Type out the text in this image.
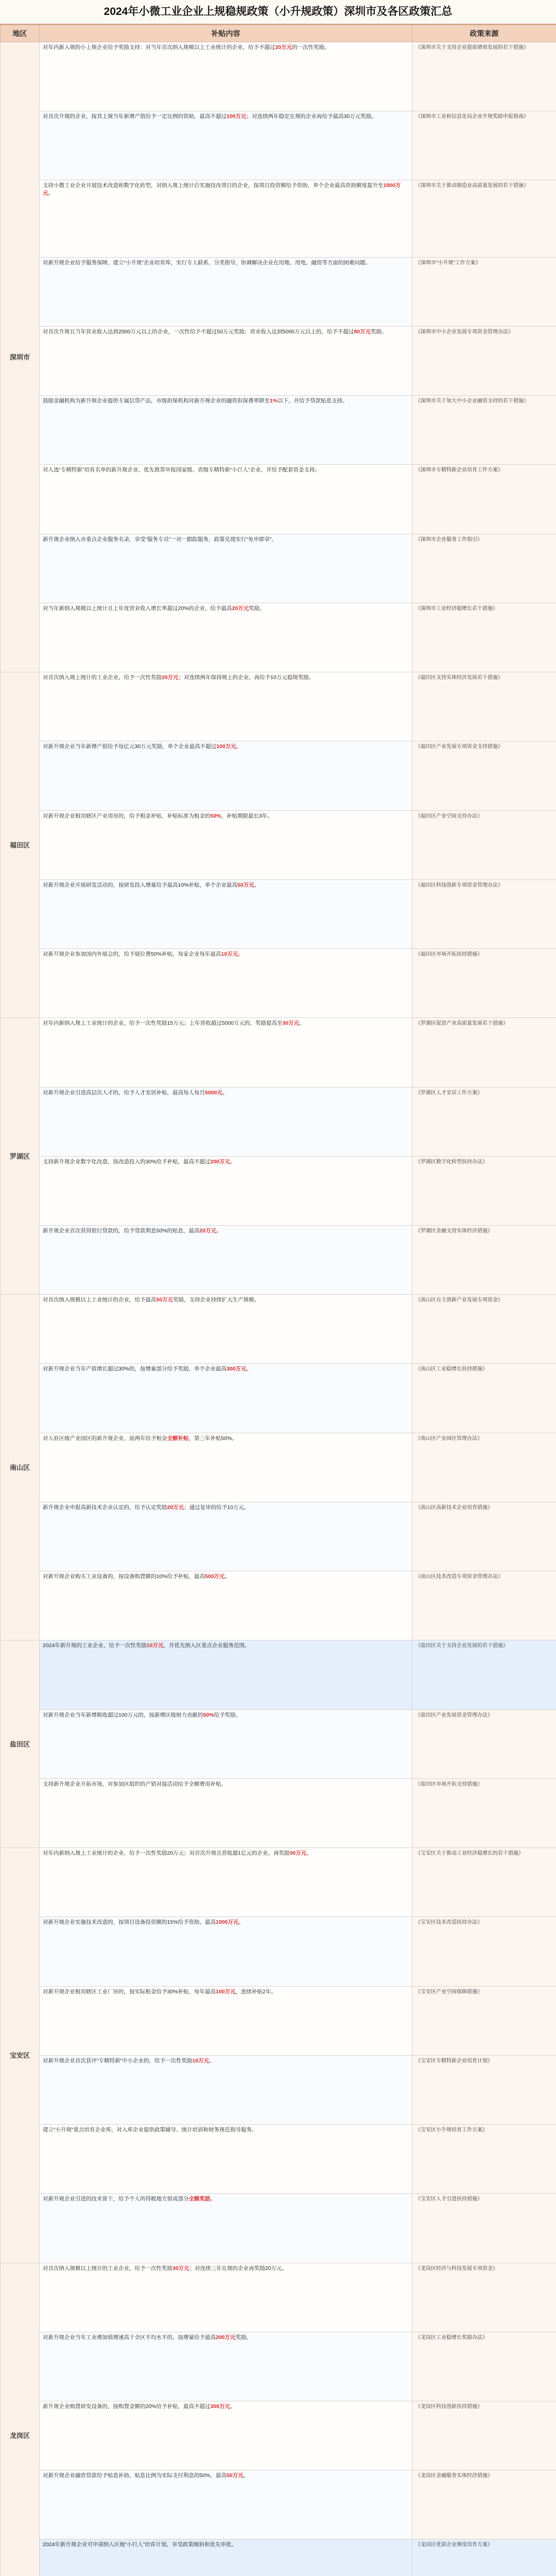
2024年小微工业企业上规稳规政策（小升规政策）深圳市及各区政策汇总
地区	补贴内容	政策来源
深圳市	对年内新入规的小上规企业给予奖励支持：对当年首次纳入规模以上工业统计的企业，给予不超过20万元的一次性奖励。	《深圳市关于支持企业提质增效发展的若干措施》
	对首次升规的企业，按其上规当年新增产值给予一定比例的资助，最高不超过100万元；对连续两年稳定在规的企业再给予最高30万元奖励。	《深圳市工业和信息化局企业升规奖励申报指南》
	支持小微工业企业开展技术改造和数字化转型，对纳入规上统计后实施技改项目的企业，按项目投资额给予资助，单个企业最高资助额度提升至1000万元。	《深圳市关于推动制造业高质量发展的若干措施》
	对新升规企业给予服务保障，建立“小升规”企业培育库，实行专人联系、分类指导，协调解决企业在用地、用电、融资等方面的困难问题。	《深圳市“小升规”工作方案》
	对首次升规且当年营业收入达到2000万元以上的企业，一次性给予不超过50万元奖励；营业收入达到5000万元以上的，给予不超过80万元奖励。	《深圳市中小企业发展专项资金管理办法》
	鼓励金融机构为新升规企业提供专属信贷产品，市级担保机构对新升规企业的融资担保费率降至1%以下，并给予贷款贴息支持。	《深圳市关于加大中小企业融资支持的若干措施》
	对入选“专精特新”培育名单的新升规企业，优先推荐申报国家级、省级专精特新“小巨人”企业，并给予配套资金支持。	《深圳市专精特新企业培育工作方案》
	新升规企业纳入市重点企业服务名录，享受“服务专员”一对一跟踪服务，政策兑现实行“免申即享”。	《深圳市企业服务工作指引》
	对当年新纳入规模以上统计且上年度营业收入增长率超过20%的企业，给予最高20万元奖励。	《深圳市工业经济稳增长若干措施》
福田区	对首次纳入规上统计的工业企业，给予一次性奖励20万元；对连续两年保持规上的企业，再给予10万元稳规奖励。	《福田区支持实体经济发展若干措施》
	对新升规企业当年新增产值给予每亿元30万元奖励，单个企业最高不超过100万元。	《福田区产业发展专项资金支持措施》
	对新升规企业租用辖区产业用房的，给予租金补贴，补贴标准为租金的50%，补贴期限最长3年。	《福田区产业空间支持办法》
	对新升规企业开展研发活动的，按研发投入增量给予最高10%补贴，单个企业最高50万元。	《福田区科技创新专项资金管理办法》
	对新升规企业参加国内外展会的，给予展位费50%补贴，每家企业每年最高10万元。	《福田区市场开拓扶持措施》
罗湖区	对年内新纳入规上工业统计的企业，给予一次性奖励15万元；上年营收超过5000万元的，奖励提高至30万元。	《罗湖区促进产业高质量发展若干措施》
	对新升规企业引进高层次人才的，给予人才安居补贴，最高每人每月5000元。	《罗湖区人才安居工作方案》
	支持新升规企业数字化改造，按改造投入的30%给予补贴，最高不超过200万元。	《罗湖区数字化转型扶持办法》
	新升规企业首次获得银行贷款的，给予贷款利息50%的贴息，最高20万元。	《罗湖区金融支持实体经济措施》
南山区	对首次纳入规模以上工业统计的企业，给予最高50万元奖励，支持企业持续扩大生产规模。	《南山区自主创新产业发展专项资金》
	对新升规企业当年产值增长超过30%的，按增量部分给予奖励，单个企业最高300万元。	《南山区工业稳增长扶持措施》
	对入驻区级产业园区的新升规企业，前两年给予租金全额补贴，第三年补贴50%。	《南山区产业园区管理办法》
	新升规企业申报高新技术企业认定的，给予认定奖励20万元；通过复审的给予10万元。	《南山区高新技术企业培育措施》
	对新升规企业购买工业设备的，按设备购置额的10%给予补贴，最高500万元。	《南山区技术改造专项资金管理办法》
盐田区	2024年新升规的工业企业，给予一次性奖励10万元，并优先纳入区重点企业服务范围。	《盐田区关于支持企业发展的若干措施》
	对新升规企业当年新增税收超过100万元的，按新增区级财力贡献的50%给予奖励。	《盐田区产业发展资金管理办法》
	支持新升规企业开拓市场，对参加区组织的产销对接活动给予全额费用补贴。	《盐田区市场开拓支持措施》
宝安区	对年内新纳入规上工业统计的企业，给予一次性奖励20万元；对首次升规且营收超1亿元的企业，再奖励30万元。	《宝安区关于推动工业经济稳增长的若干措施》
	对新升规企业实施技术改造的，按项目设备投资额的15%给予资助，最高1000万元。	《宝安区技术改造扶持办法》
	对新升规企业租用辖区工业厂房的，按实际租金给予30%补贴，每年最高100万元，连续补贴2年。	《宝安区产业空间保障措施》
	对新升规企业首次获评“专精特新”中小企业的，给予一次性奖励10万元。	《宝安区专精特新企业培育计划》
	建立“小升规”重点培育企业库，对入库企业提供政策辅导、统计培训和财务规范指导服务。	《宝安区小升规培育工作方案》
	对新升规企业引进的技术骨干，给予个人所得税地方留成部分全额奖励。	《宝安区人才引进扶持措施》
龙岗区	对首次纳入规模以上统计的工业企业，给予一次性奖励30万元；对连续三年在规的企业再奖励20万元。	《龙岗区经济与科技发展专项资金》
	对新升规企业当年工业增加值增速高于全区平均水平的，按增量给予最高200万元奖励。	《龙岗区工业稳增长奖励办法》
	新升规企业购置研发设备的，按购置金额的20%给予补贴，最高不超过300万元。	《龙岗区科技创新扶持措施》
	对新升规企业融资贷款给予贴息补助，贴息比例为实际支付利息的50%，最高50万元。	《龙岗区金融服务实体经济措施》
	2024年新升规企业可申请纳入区级“小巨人”培育计划，享受政策倾斜和优先审批。	《龙岗区优质企业梯度培育方案》
